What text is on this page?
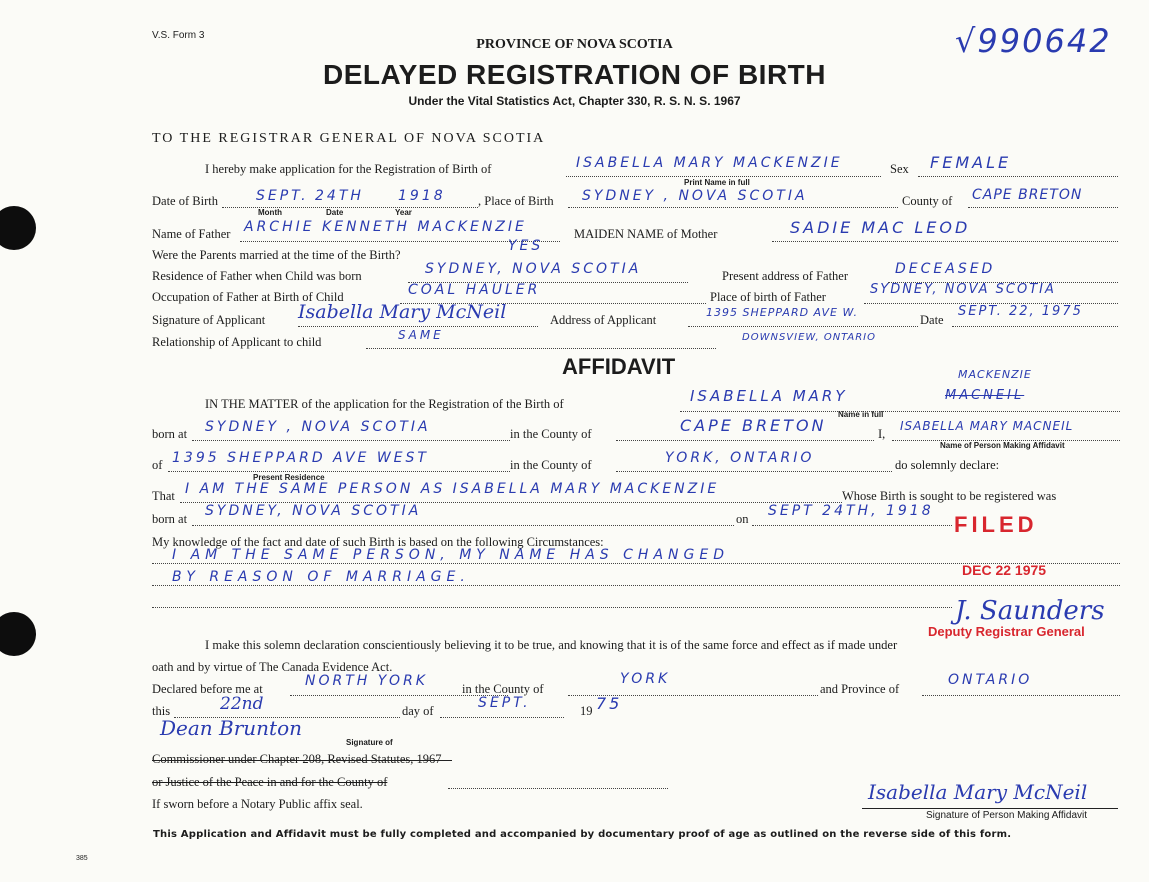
V.S. Form 3
PROVINCE OF NOVA SCOTIA
DELAYED REGISTRATION OF BIRTH
Under the Vital Statistics Act, Chapter 330, R. S. N. S. 1967
√990642
TO THE REGISTRAR GENERAL OF NOVA SCOTIA
I hereby make application for the Registration of Birth of	ISABELLA MARY MACKENZIE	Sex FEMALE
Print Name in full
Date of Birth	SEPT. 24TH 1918
Month	Date	Year
, Place of Birth SYDNEY , NOVA SCOTIA	County of CAPE BRETON
Name of Father ARCHIE KENNETH MACKENZIE	MAIDEN NAME of Mother	SADIE MAC LEOD
Were the Parents married at the time of the Birth?
YES
Residence of Father when Child was born	SYDNEY, NOVA SCOTIA	Present address of Father	DECEASED
Occupation of Father at Birth of Child	COAL HAULER	Place of birth of Father	SYDNEY, NOVA SCOTIA
Signature of Applicant Isabella Mary McNeil	Address of Applicant
1395 SHEPPARD AVE W.
Date
SEPT. 22, 1975
Relationship of Applicant to child	SAME	DOWNSVIEW, ONTARIO
AFFIDAVIT
IN THE MATTER of the application for the Registration of the Birth of	ISABELLA MARY	MACNEIL
MACKENZIE
Name in full
born at SYDNEY , NOVA SCOTIA	in the County of	CAPE BRETON	I,
ISABELLA MARY MACNEIL
Name of Person Making Affidavit
of 1395 SHEPPARD AVE WEST	in the County of	YORK, ONTARIO	do solemnly declare:
Present Residence
That I AM THE SAME PERSON AS ISABELLA MARY MACKENZIE	Whose Birth is sought to be registered was
born at SYDNEY, NOVA SCOTIA	on SEPT 24TH, 1918
My knowledge of the fact and date of such Birth is based on the following Circumstances:
I AM THE SAME PERSON, MY NAME HAS CHANGED
BY REASON OF MARRIAGE.
I make this solemn declaration conscientiously believing it to be true, and knowing that it is of the same force and effect as if made under
oath and by virtue of The Canada Evidence Act.
Declared before me at	NORTH YORK	in the County of
YORK
and Province of
ONTARIO
this	22nd	day of	SEPT.	19 75
Dean Brunton
Signature of
Commissioner under Chapter 208, Revised Statutes, 1967
or Justice of the Peace in and for the County of
If sworn before a Notary Public affix seal.	Isabella Mary McNeil
Signature of Person Making Affidavit
FILED
DEC 22 1975
J. Saunders
Deputy Registrar General
This Application and Affidavit must be fully completed and accompanied by documentary proof of age as outlined on the reverse side of this form.
385
